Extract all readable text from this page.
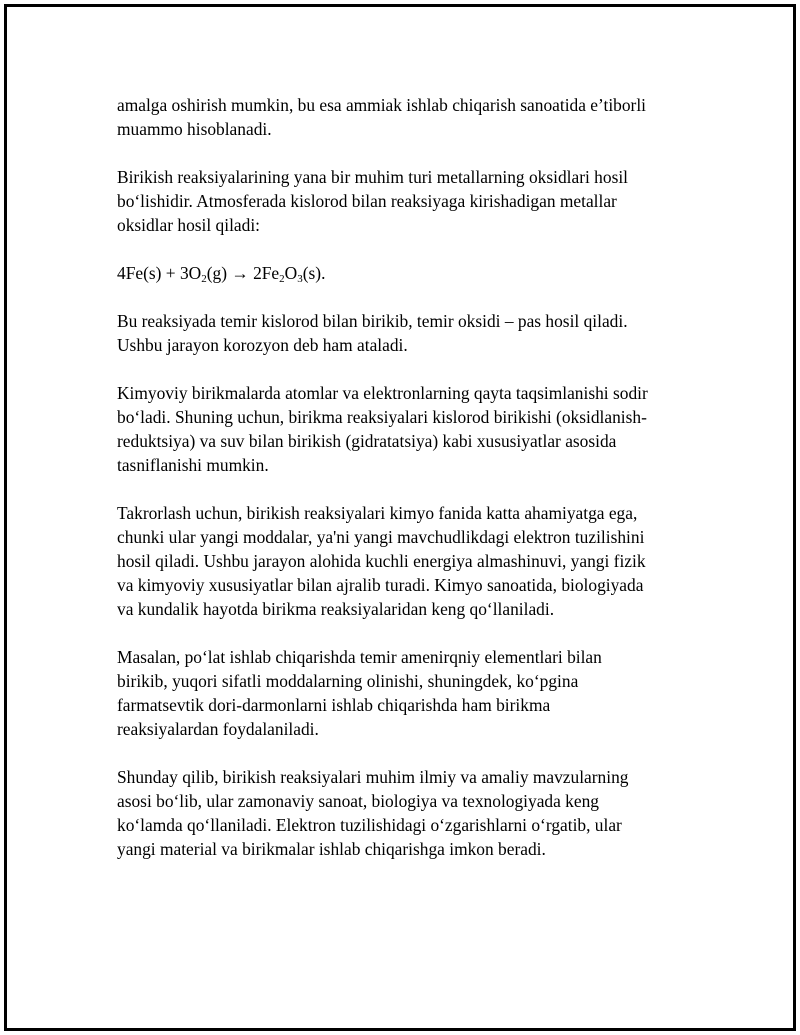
amalga oshirish mumkin, bu esa ammiak ishlab chiqarish sanoatida e’tiborli
muammo hisoblanadi.

Birikish reaksiyalarining yana bir muhim turi metallarning oksidlari hosil
bo‘lishidir. Atmosferada kislorod bilan reaksiyaga kirishadigan metallar
oksidlar hosil qiladi:

$4Fe(s) + 3O_2(g) \to 2Fe_2O_3(s)$.

Bu reaksiyada temir kislorod bilan birikib, temir oksidi – pas hosil qiladi.
Ushbu jarayon korozyon deb ham ataladi.

Kimyoviy birikmalarda atomlar va elektronlarning qayta taqsimlanishi sodir
bo‘ladi. Shuning uchun, birikma reaksiyalari kislorod birikishi (oksidlanish-
reduktsiya) va suv bilan birikish (gidratatsiya) kabi xususiyatlar asosida
tasniflanishi mumkin.

Takrorlash uchun, birikish reaksiyalari kimyo fanida katta ahamiyatga ega,
chunki ular yangi moddalar, ya'ni yangi mavchudlikdagi elektron tuzilishini
hosil qiladi. Ushbu jarayon alohida kuchli energiya almashinuvi, yangi fizik
va kimyoviy xususiyatlar bilan ajralib turadi. Kimyo sanoatida, biologiyada
va kundalik hayotda birikma reaksiyalaridan keng qo‘llaniladi.

Masalan, po‘lat ishlab chiqarishda temir amenirqniy elementlari bilan
birikib, yuqori sifatli moddalarning olinishi, shuningdek, ko‘pgina
farmatsevtik dori-darmonlarni ishlab chiqarishda ham birikma
reaksiyalardan foydalaniladi.

Shunday qilib, birikish reaksiyalari muhim ilmiy va amaliy mavzularning
asosi bo‘lib, ular zamonaviy sanoat, biologiya va texnologiyada keng
ko‘lamda qo‘llaniladi. Elektron tuzilishidagi o‘zgarishlarni o‘rgatib, ular
yangi material va birikmalar ishlab chiqarishga imkon beradi.
